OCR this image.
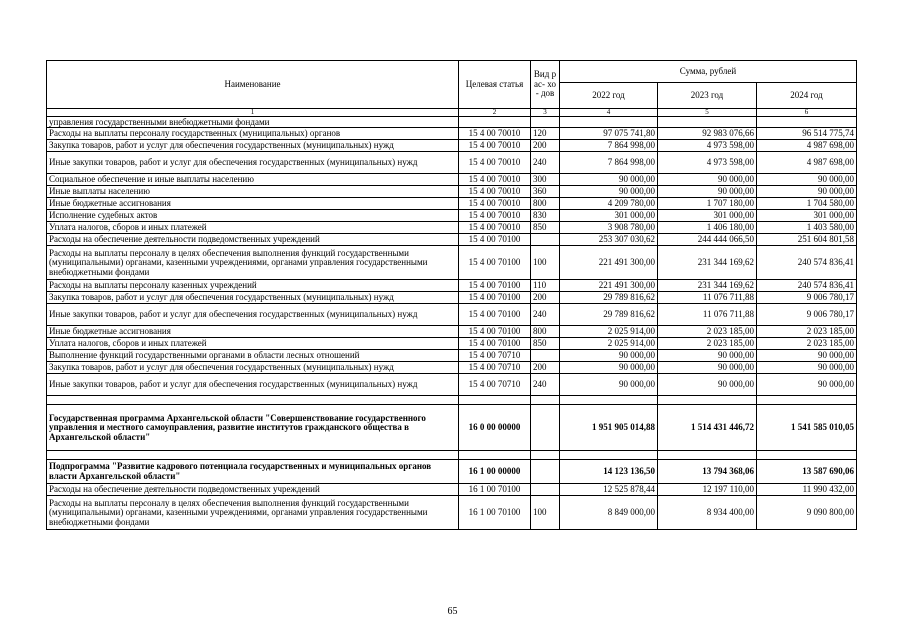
Наименование	Целевая статья	Вид рас- хо- дов	Сумма, рублей		
			2022 год	2023 год	2024 год
1	2	3	4	5	6
управления государственными внебюджетными фондами					
Расходы на выплаты персоналу государственных (муниципальных) органов	15 4 00 70010	120	97 075 741,80	92 983 076,66	96 514 775,74
Закупка товаров, работ и услуг для обеспечения государственных (муниципальных) нужд	15 4 00 70010	200	7 864 998,00	4 973 598,00	4 987 698,00
Иные закупки товаров, работ и услуг для обеспечения государственных (муниципальных) нужд	15 4 00 70010	240	7 864 998,00	4 973 598,00	4 987 698,00
Социальное обеспечение и иные выплаты населению	15 4 00 70010	300	90 000,00	90 000,00	90 000,00
Иные выплаты населению	15 4 00 70010	360	90 000,00	90 000,00	90 000,00
Иные бюджетные ассигнования	15 4 00 70010	800	4 209 780,00	1 707 180,00	1 704 580,00
Исполнение судебных актов	15 4 00 70010	830	301 000,00	301 000,00	301 000,00
Уплата налогов, сборов и иных платежей	15 4 00 70010	850	3 908 780,00	1 406 180,00	1 403 580,00
Расходы на обеспечение деятельности подведомственных учреждений	15 4 00 70100		253 307 030,62	244 444 066,50	251 604 801,58
Расходы на выплаты персоналу в целях обеспечения выполнения функций государственными (муниципальными) органами, казенными учреждениями, органами управления государственными внебюджетными фондами	15 4 00 70100	100	221 491 300,00	231 344 169,62	240 574 836,41
Расходы на выплаты персоналу казенных учреждений	15 4 00 70100	110	221 491 300,00	231 344 169,62	240 574 836,41
Закупка товаров, работ и услуг для обеспечения государственных (муниципальных) нужд	15 4 00 70100	200	29 789 816,62	11 076 711,88	9 006 780,17
Иные закупки товаров, работ и услуг для обеспечения государственных (муниципальных) нужд	15 4 00 70100	240	29 789 816,62	11 076 711,88	9 006 780,17
Иные бюджетные ассигнования	15 4 00 70100	800	2 025 914,00	2 023 185,00	2 023 185,00
Уплата налогов, сборов и иных платежей	15 4 00 70100	850	2 025 914,00	2 023 185,00	2 023 185,00
Выполнение функций государственными органами в области лесных отношений	15 4 00 70710		90 000,00	90 000,00	90 000,00
Закупка товаров, работ и услуг для обеспечения государственных (муниципальных) нужд	15 4 00 70710	200	90 000,00	90 000,00	90 000,00
Иные закупки товаров, работ и услуг для обеспечения государственных (муниципальных) нужд	15 4 00 70710	240	90 000,00	90 000,00	90 000,00

Государственная программа Архангельской области "Совершенствование государственного управления и местного самоуправления, развитие институтов гражданского общества в Архангельской области"	16 0 00 00000		1 951 905 014,88	1 514 431 446,72	1 541 585 010,05

Подпрограмма "Развитие кадрового потенциала государственных и муниципальных органов власти Архангельской области"	16 1 00 00000		14 123 136,50	13 794 368,06	13 587 690,06
Расходы на обеспечение деятельности подведомственных учреждений	16 1 00 70100		12 525 878,44	12 197 110,00	11 990 432,00
Расходы на выплаты персоналу в целях обеспечения выполнения функций государственными (муниципальными) органами, казенными учреждениями, органами управления государственными внебюджетными фондами	16 1 00 70100	100	8 849 000,00	8 934 400,00	9 090 800,00
65
